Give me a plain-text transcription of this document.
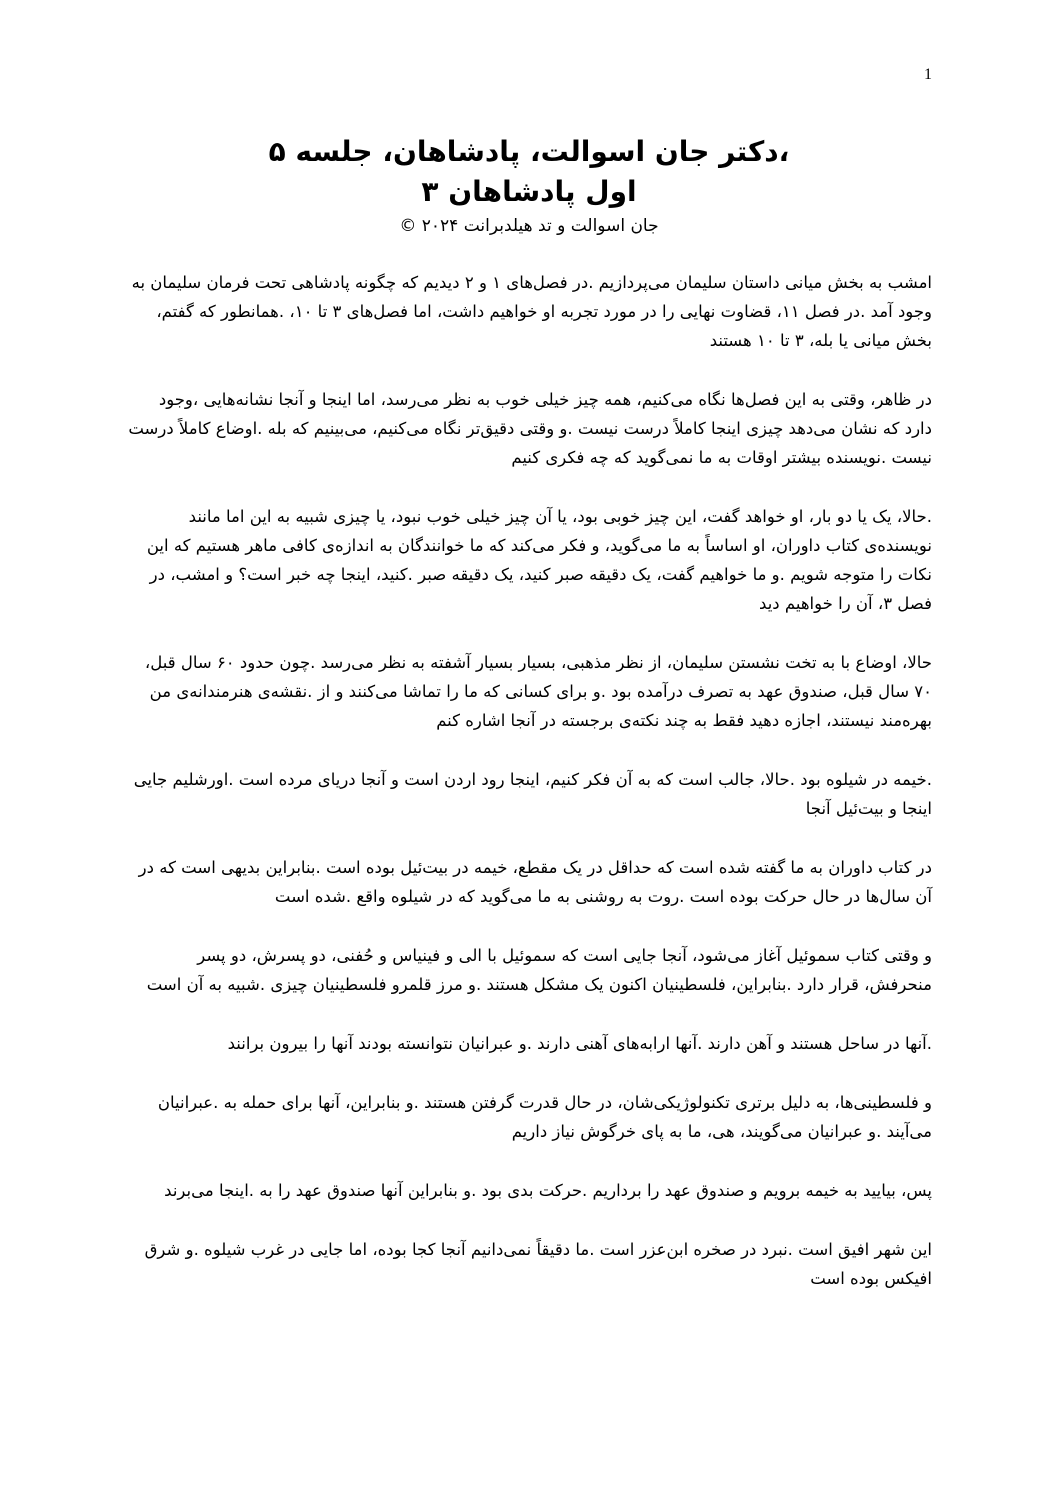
1
،دکتر جان اسوالت، پادشاهان، جلسه ۵
اول پادشاهان ۳
جان اسوالت و تد هیلدبرانت ۲۰۲۴ ©

امشب به بخش میانی داستان سلیمان می‌پردازیم .در فصل‌های ۱ و ۲ دیدیم که چگونه پادشاهی تحت فرمان سلیمان به وجود آمد .در فصل ۱۱، قضاوت نهایی را در مورد تجربه او خواهیم داشت، اما فصل‌های ۳ تا ۱۰، .همانطور که گفتم، بخش میانی یا بله، ۳ تا ۱۰ هستند

در ظاهر، وقتی به این فصل‌ها نگاه می‌کنیم، همه چیز خیلی خوب به نظر می‌رسد، اما اینجا و آنجا نشانه‌هایی ،وجود دارد که نشان می‌دهد چیزی اینجا کاملاً درست نیست .و وقتی دقیق‌تر نگاه می‌کنیم، می‌بینیم که بله .اوضاع کاملاً درست نیست .نویسنده بیشتر اوقات به ما نمی‌گوید که چه فکری کنیم

.حالا، یک یا دو بار، او خواهد گفت، این چیز خوبی بود، یا آن چیز خیلی خوب نبود، یا چیزی شبیه به این اما مانند نویسنده‌ی کتاب داوران، او اساساً به ما می‌گوید، و فکر می‌کند که ما خوانندگان به اندازه‌ی کافی ماهر هستیم که این نکات را متوجه شویم .و ما خواهیم گفت، یک دقیقه صبر کنید، یک دقیقه صبر .کنید، اینجا چه خبر است؟ و امشب، در فصل ۳، آن را خواهیم دید

حالا، اوضاع با به تخت نشستن سلیمان، از نظر مذهبی، بسیار بسیار آشفته به نظر می‌رسد .چون حدود ۶۰ سال قبل، ۷۰ سال قبل، صندوق عهد به تصرف درآمده بود .و برای کسانی که ما را تماشا می‌کنند و از .نقشه‌ی هنرمندانه‌ی من بهره‌مند نیستند، اجازه دهید فقط به چند نکته‌ی برجسته در آنجا اشاره کنم

.خیمه در شیلوه بود .حالا، جالب است که به آن فکر کنیم، اینجا رود اردن است و آنجا دریای مرده است .اورشلیم جایی اینجا و بیت‌ئیل آنجا

در کتاب داوران به ما گفته شده است که حداقل در یک مقطع، خیمه در بیت‌ئیل بوده است .بنابراین بدیهی است که در آن سال‌ها در حال حرکت بوده است .روت به روشنی به ما می‌گوید که در شیلوه واقع .شده است

و وقتی کتاب سموئیل آغاز می‌شود، آنجا جایی است که سموئیل با الی و فینیاس و حُفنی، دو پسرش، دو پسر منحرفش، قرار دارد .بنابراین، فلسطینیان اکنون یک مشکل هستند .و مرز قلمرو فلسطینیان چیزی .شبیه به آن است

.آنها در ساحل هستند و آهن دارند .آنها ارابه‌های آهنی دارند .و عبرانیان نتوانسته بودند آنها را بیرون برانند

و فلسطینی‌ها، به دلیل برتری تکنولوژیکی‌شان، در حال قدرت گرفتن هستند .و بنابراین، آنها برای حمله به .عبرانیان می‌آیند .و عبرانیان می‌گویند، هی، ما به پای خرگوش نیاز داریم

پس، بیایید به خیمه برویم و صندوق عهد را برداریم .حرکت بدی بود .و بنابراین آنها صندوق عهد را به .اینجا می‌برند

این شهر افیق است .نبرد در صخره ابن‌عزر است .ما دقیقاً نمی‌دانیم آنجا کجا بوده، اما جایی در غرب شیلوه .و شرق افیکس بوده است
